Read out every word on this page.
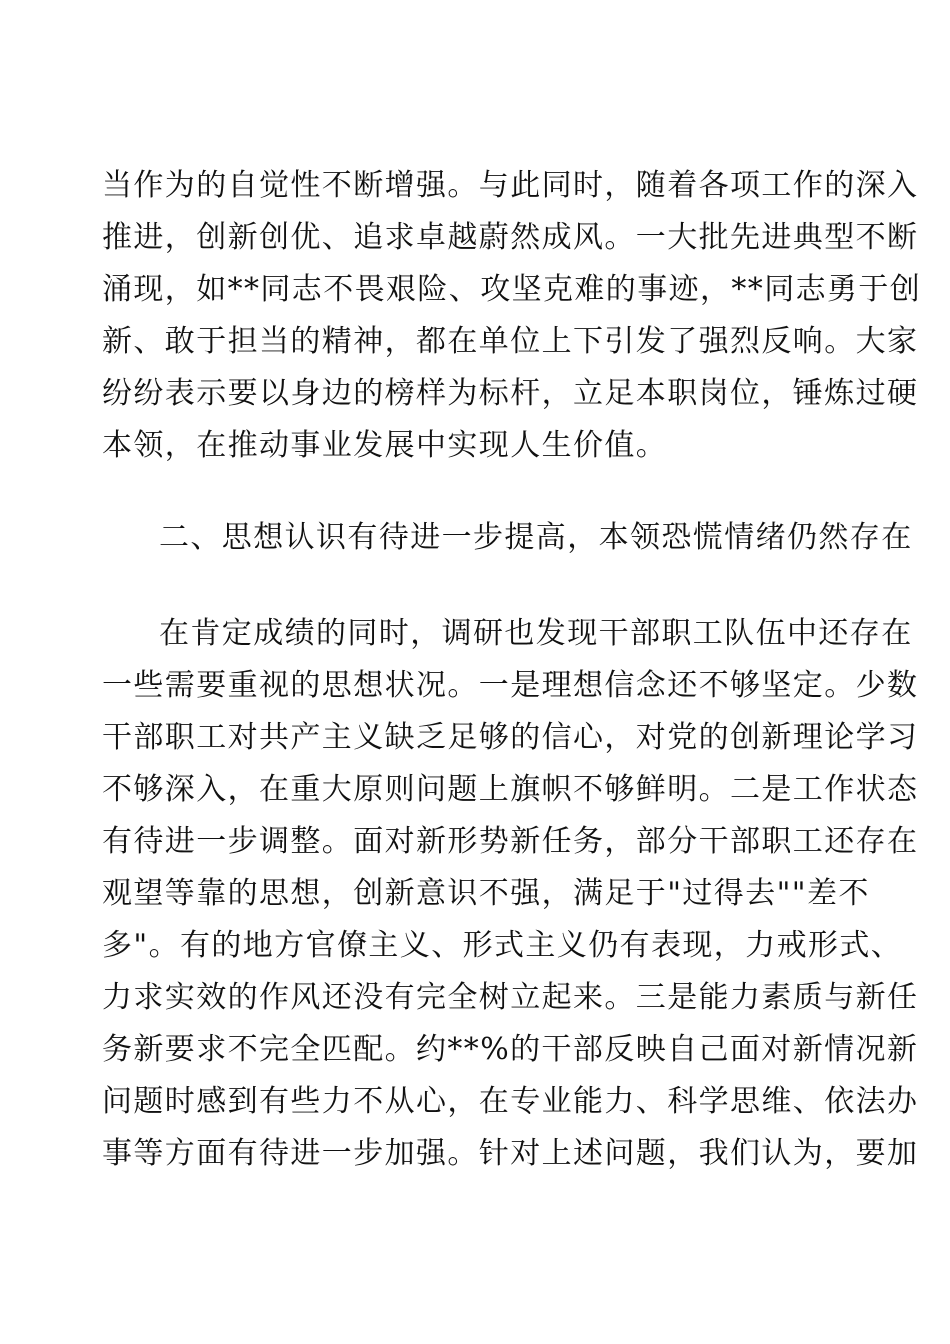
当作为的自觉性不断增强。与此同时，随着各项工作的深入
推进，创新创优、追求卓越蔚然成风。一大批先进典型不断
涌现，如**同志不畏艰险、攻坚克难的事迹，**同志勇于创
新、敢于担当的精神，都在单位上下引发了强烈反响。大家
纷纷表示要以身边的榜样为标杆，立足本职岗位，锤炼过硬
本领，在推动事业发展中实现人生价值。
二、思想认识有待进一步提高，本领恐慌情绪仍然存在
在肯定成绩的同时，调研也发现干部职工队伍中还存在
一些需要重视的思想状况。一是理想信念还不够坚定。少数
干部职工对共产主义缺乏足够的信心，对党的创新理论学习
不够深入，在重大原则问题上旗帜不够鲜明。二是工作状态
有待进一步调整。面对新形势新任务，部分干部职工还存在
观望等靠的思想，创新意识不强，满足于"过得去""差不
多"。有的地方官僚主义、形式主义仍有表现，力戒形式、
力求实效的作风还没有完全树立起来。三是能力素质与新任
务新要求不完全匹配。约**%的干部反映自己面对新情况新
问题时感到有些力不从心，在专业能力、科学思维、依法办
事等方面有待进一步加强。针对上述问题，我们认为，要加
